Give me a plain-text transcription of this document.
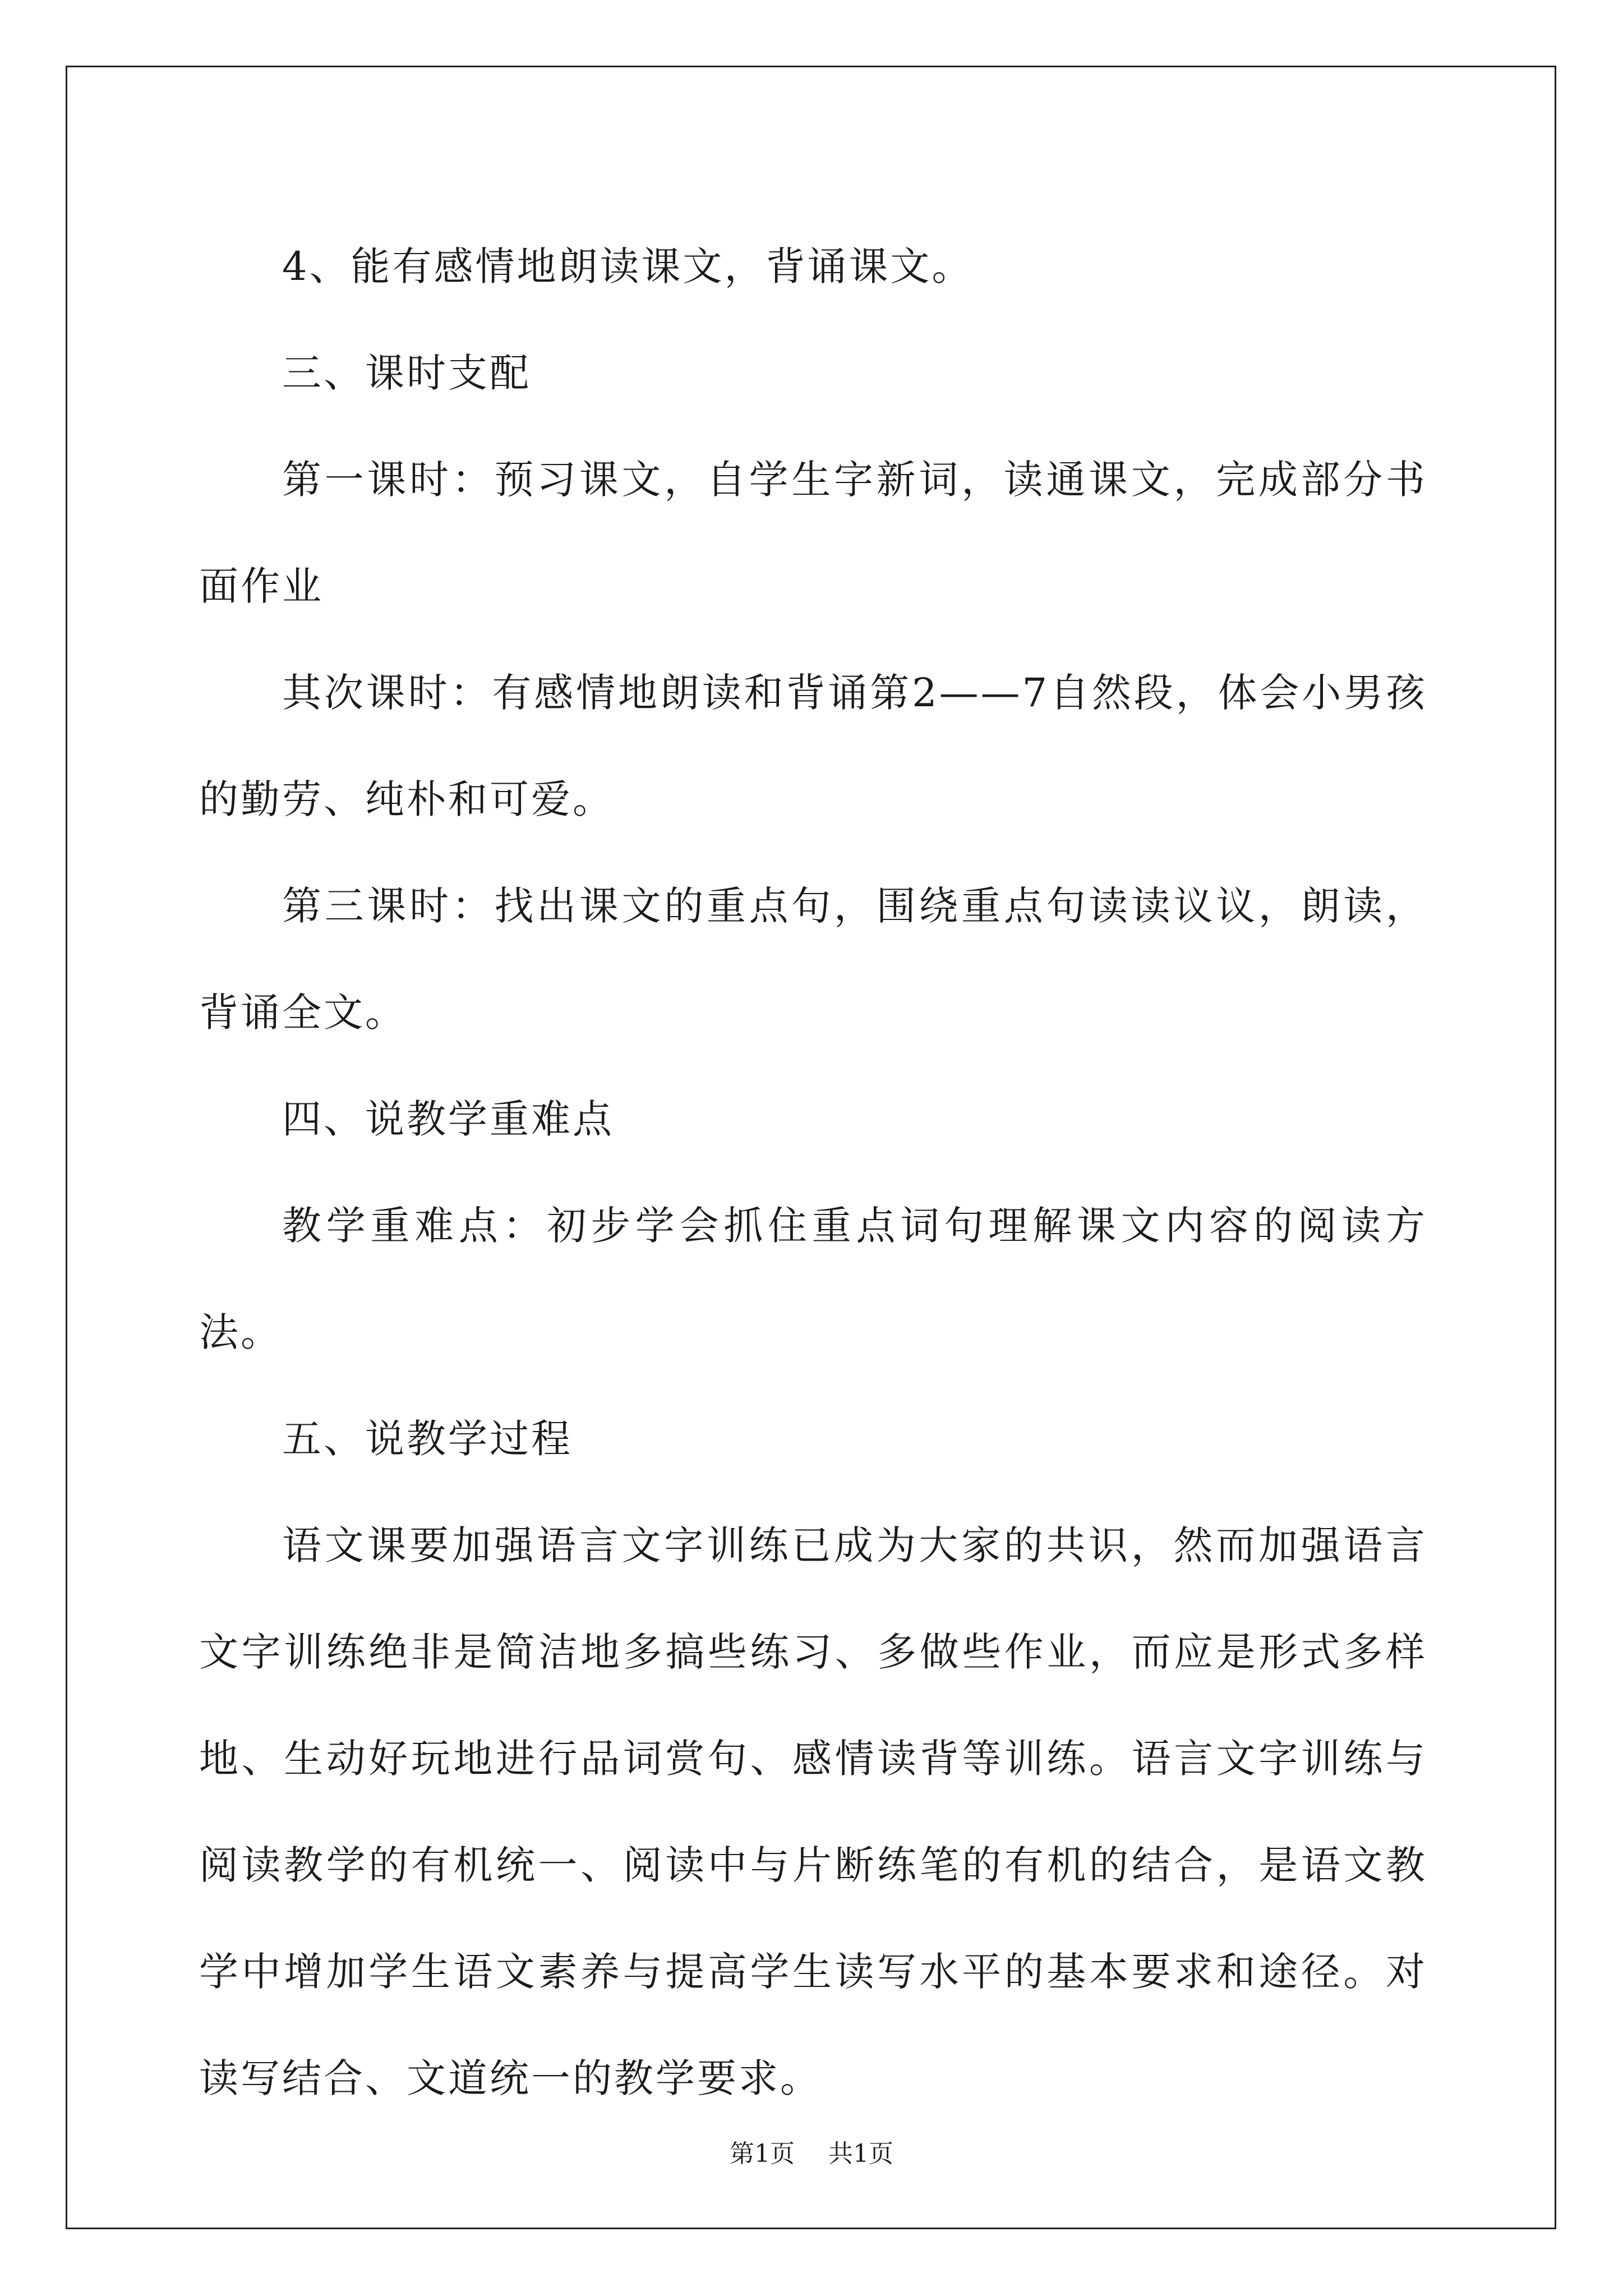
4、能有感情地朗读课文，背诵课文。

三、课时支配

第一课时：预习课文，自学生字新词，读通课文，完成部分书面作业

其次课时：有感情地朗读和背诵第2——7自然段，体会小男孩的勤劳、纯朴和可爱。

第三课时：找出课文的重点句，围绕重点句读读议议，朗读，背诵全文。

四、说教学重难点

教学重难点：初步学会抓住重点词句理解课文内容的阅读方法。

五、说教学过程

语文课要加强语言文字训练已成为大家的共识，然而加强语言文字训练绝非是简洁地多搞些练习、多做些作业，而应是形式多样地、生动好玩地进行品词赏句、感情读背等训练。语言文字训练与阅读教学的有机统一、阅读中与片断练笔的有机的结合，是语文教学中增加学生语文素养与提高学生读写水平的基本要求和途径。对读写结合、文道统一的教学要求。

第1页 共1页
